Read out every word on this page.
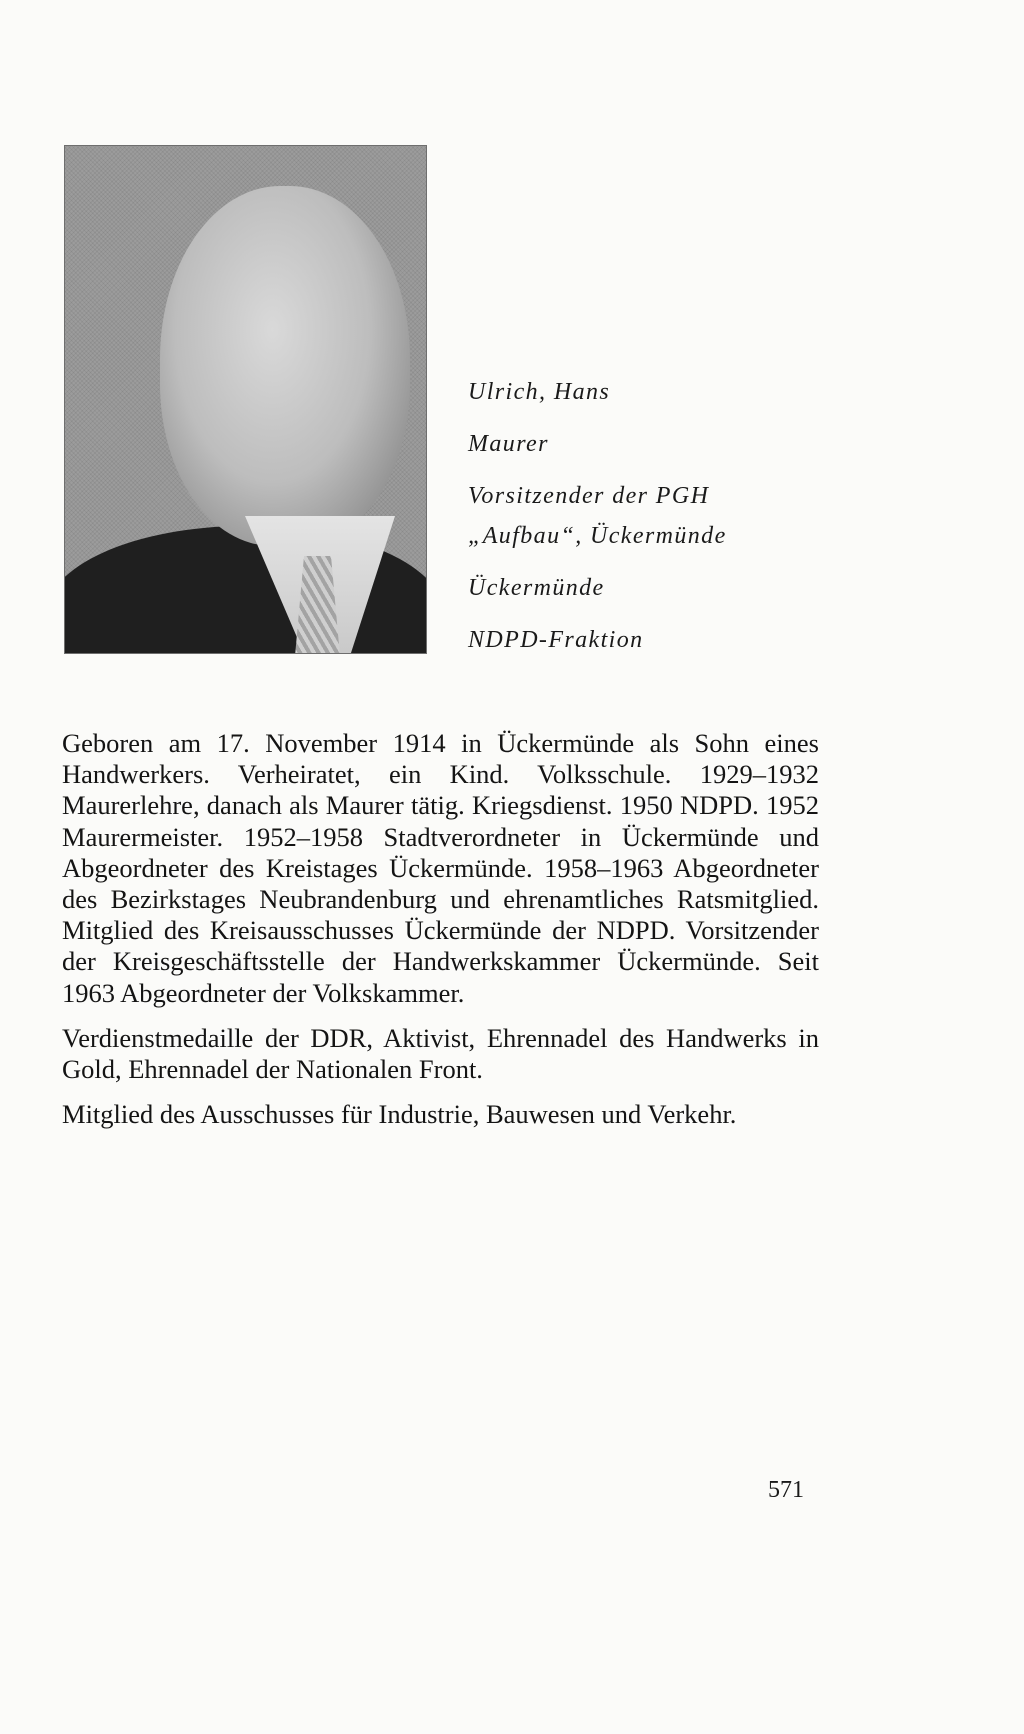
Ulrich, Hans
Maurer
Vorsitzender der PGH
„Aufbau“, Ückermünde
Ückermünde
NDPD-Fraktion

Geboren am 17. November 1914 in Ückermünde als Sohn eines Handwerkers. Verheiratet, ein Kind. Volksschule. 1929–1932 Maurerlehre, danach als Maurer tätig. Kriegsdienst. 1950 NDPD. 1952 Maurermeister. 1952–1958 Stadtverordneter in Ückermünde und Abgeordneter des Kreistages Ückermünde. 1958–1963 Abgeordneter des Bezirkstages Neubrandenburg und ehrenamtliches Ratsmitglied. Mitglied des Kreisausschusses Ückermünde der NDPD. Vorsitzender der Kreisgeschäftsstelle der Handwerkskammer Ückermünde. Seit 1963 Abgeordneter der Volkskammer.

Verdienstmedaille der DDR, Aktivist, Ehrennadel des Handwerks in Gold, Ehrennadel der Nationalen Front.

Mitglied des Ausschusses für Industrie, Bauwesen und Verkehr.

571
